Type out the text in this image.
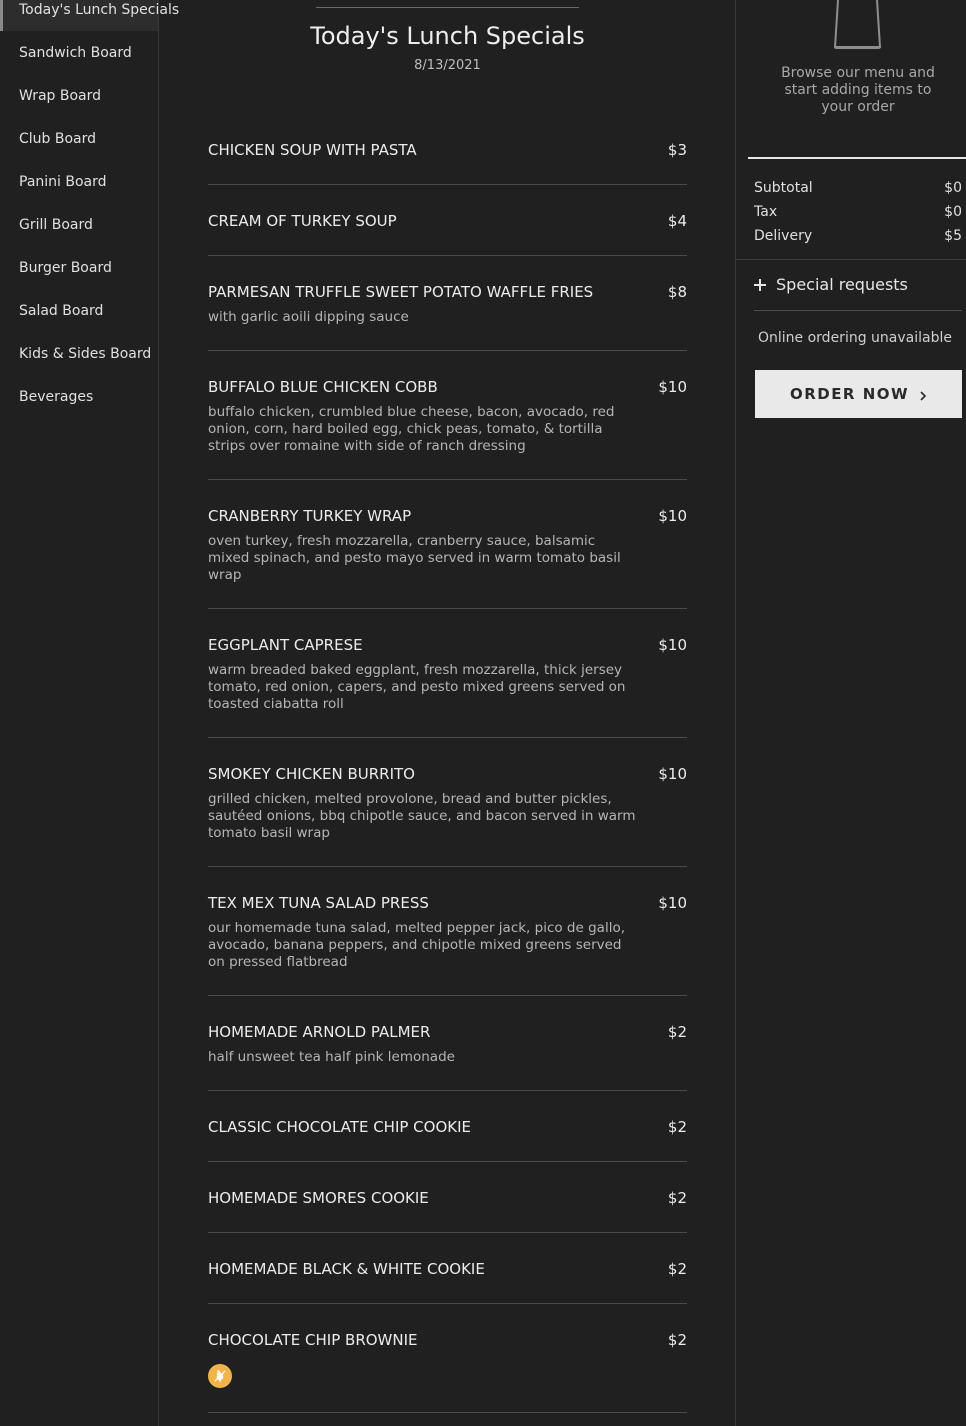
Today's Lunch Specials
Sandwich Board
Wrap Board
Club Board
Panini Board
Grill Board
Burger Board
Salad Board
Kids & Sides Board
Beverages
Today's Lunch Specials
8/13/2021
CHICKEN SOUP WITH PASTA	$3
CREAM OF TURKEY SOUP	$4
PARMESAN TRUFFLE SWEET POTATO WAFFLE FRIES	$8
with garlic aoili dipping sauce
BUFFALO BLUE CHICKEN COBB	$10
buffalo chicken, crumbled blue cheese, bacon, avocado, red onion, corn, hard boiled egg, chick peas, tomato, & tortilla strips over romaine with side of ranch dressing
CRANBERRY TURKEY WRAP	$10
oven turkey, fresh mozzarella, cranberry sauce, balsamic mixed spinach, and pesto mayo served in warm tomato basil wrap
EGGPLANT CAPRESE	$10
warm breaded baked eggplant, fresh mozzarella, thick jersey tomato, red onion, capers, and pesto mixed greens served on toasted ciabatta roll
SMOKEY CHICKEN BURRITO	$10
grilled chicken, melted provolone, bread and butter pickles, sautéed onions, bbq chipotle sauce, and bacon served in warm tomato basil wrap
TEX MEX TUNA SALAD PRESS	$10
our homemade tuna salad, melted pepper jack, pico de gallo, avocado, banana peppers, and chipotle mixed greens served on pressed flatbread
HOMEMADE ARNOLD PALMER	$2
half unsweet tea half pink lemonade
CLASSIC CHOCOLATE CHIP COOKIE	$2
HOMEMADE SMORES COOKIE	$2
HOMEMADE BLACK & WHITE COOKIE	$2
CHOCOLATE CHIP BROWNIE	$2
Browse our menu and start adding items to your order
Subtotal	$0
Tax	$0
Delivery	$5
Special requests
Online ordering unavailable
ORDER NOW
